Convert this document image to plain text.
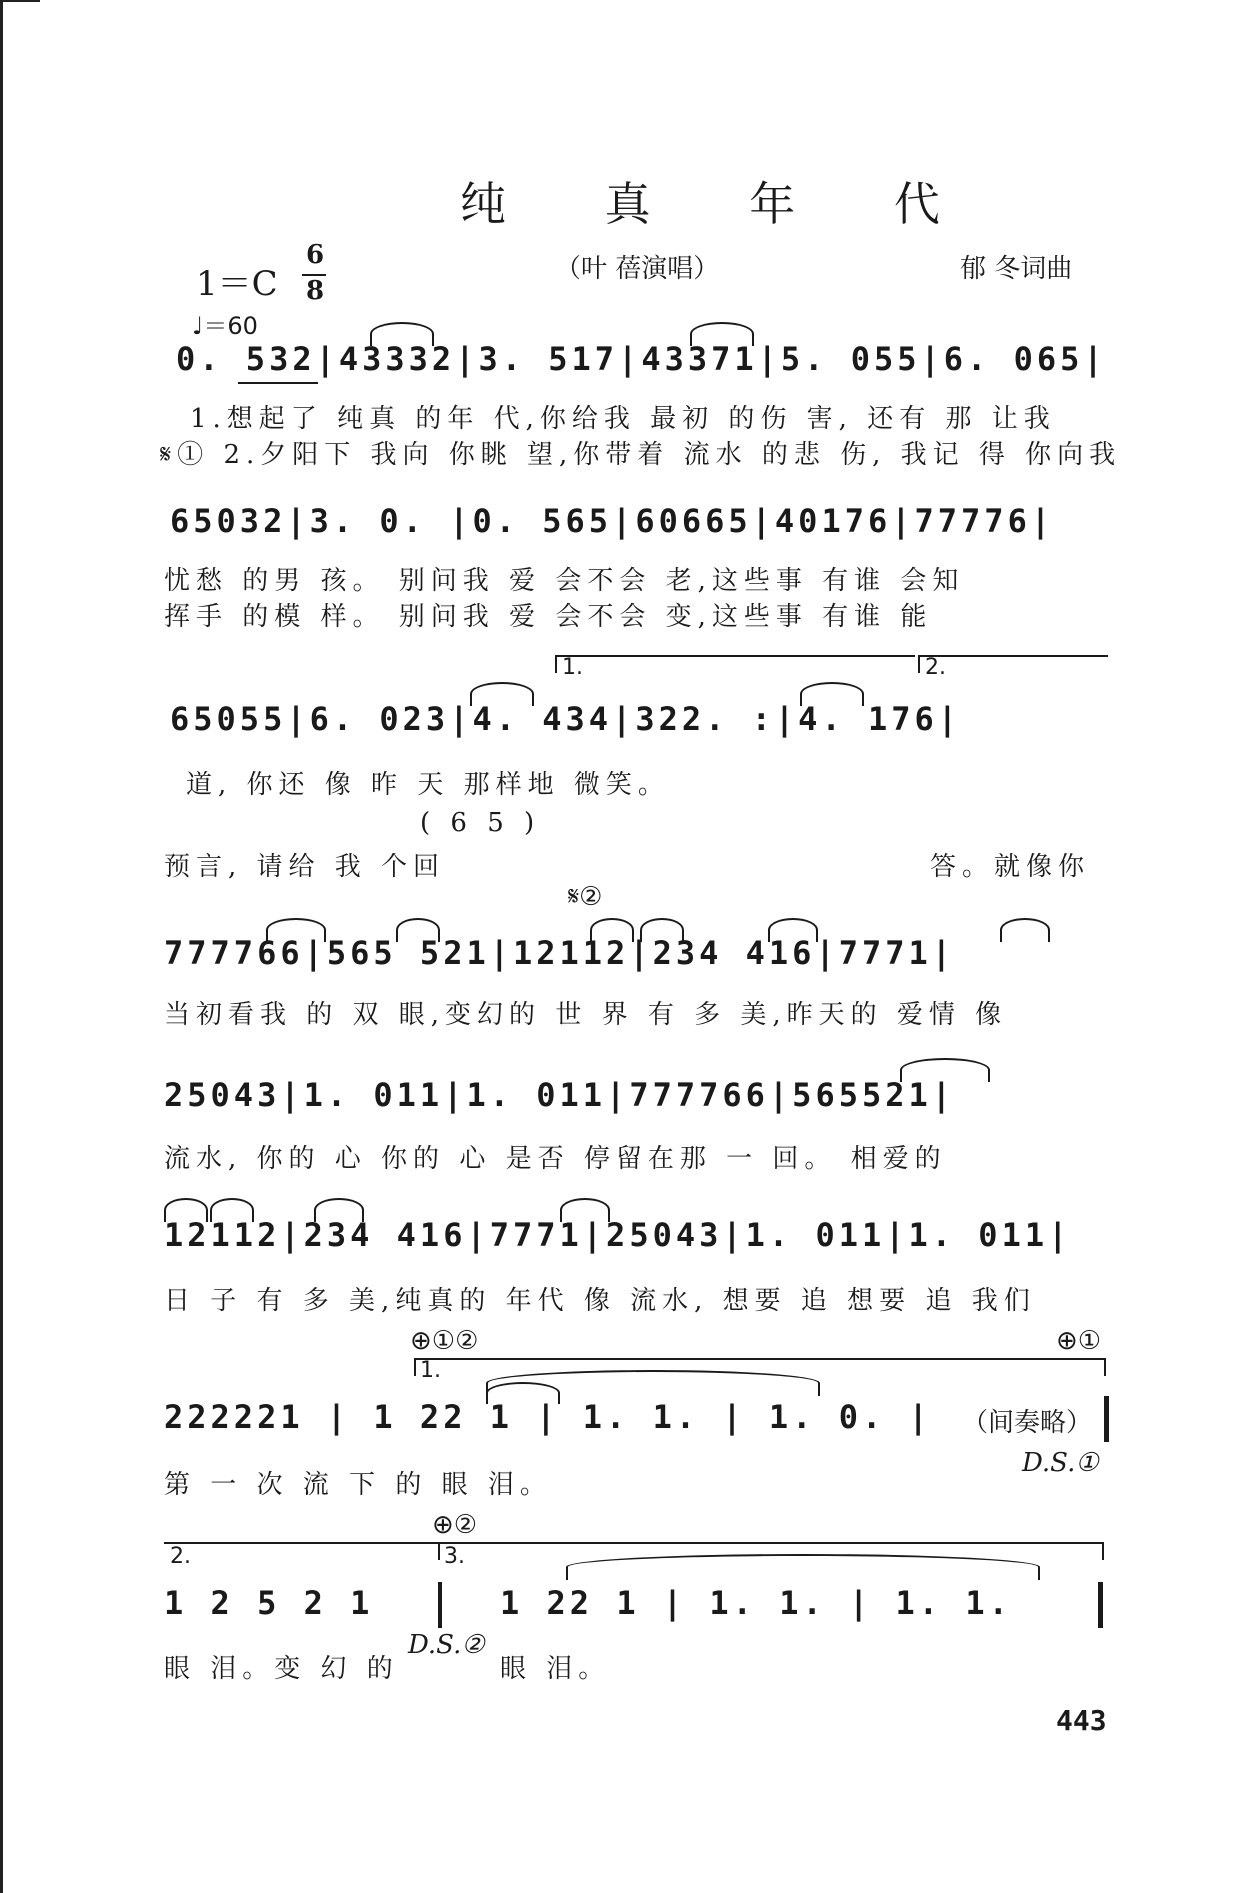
纯 真 年 代
（叶 蓓演唱）	郁 冬词曲
1＝C
6
8
♩＝60
0. 532|43332|3. 517|43371|5. 055|6. 065|
1.想起了 纯真 的年 代,你给我 最初 的伤 害, 还有 那 让我
𝄋① 2.夕阳下 我向 你眺 望,你带着 流水 的悲 伤, 我记 得 你向我
65032|3. 0. |0. 565|60665|40176|77776|
忧愁 的男 孩。 别问我 爱 会不会 老,这些事 有谁 会知
挥手 的模 样。 别问我 爱 会不会 变,这些事 有谁 能
1.	2.
65055|6. 023|4. 434|322. :|4. 176|
道, 你还 像 昨 天 那样地 微笑。
( 6 5 )
预言, 请给 我 个回	答。就像你
𝄋②
777766|565 521|12112|234 416|7771|
当初看我 的 双 眼,变幻的 世 界 有 多 美,昨天的 爱情 像
25043|1. 011|1. 011|777766|565521|
流水, 你的 心 你的 心 是否 停留在那 一 回。 相爱的
12112|234 416|7771|25043|1. 011|1. 011|
日 子 有 多 美,纯真的 年代 像 流水, 想要 追 想要 追 我们
⊕①②	⊕①
1.
222221 | 1 22 1 | 1. 1. | 1. 0. | （间奏略）
第 一 次 流 下 的 眼 泪。
D.S.①
⊕②
2.	3.
1 2 5 2 1	1 22 1 | 1. 1. | 1. 1.
眼 泪。变 幻 的
D.S.②
眼 泪。
443
